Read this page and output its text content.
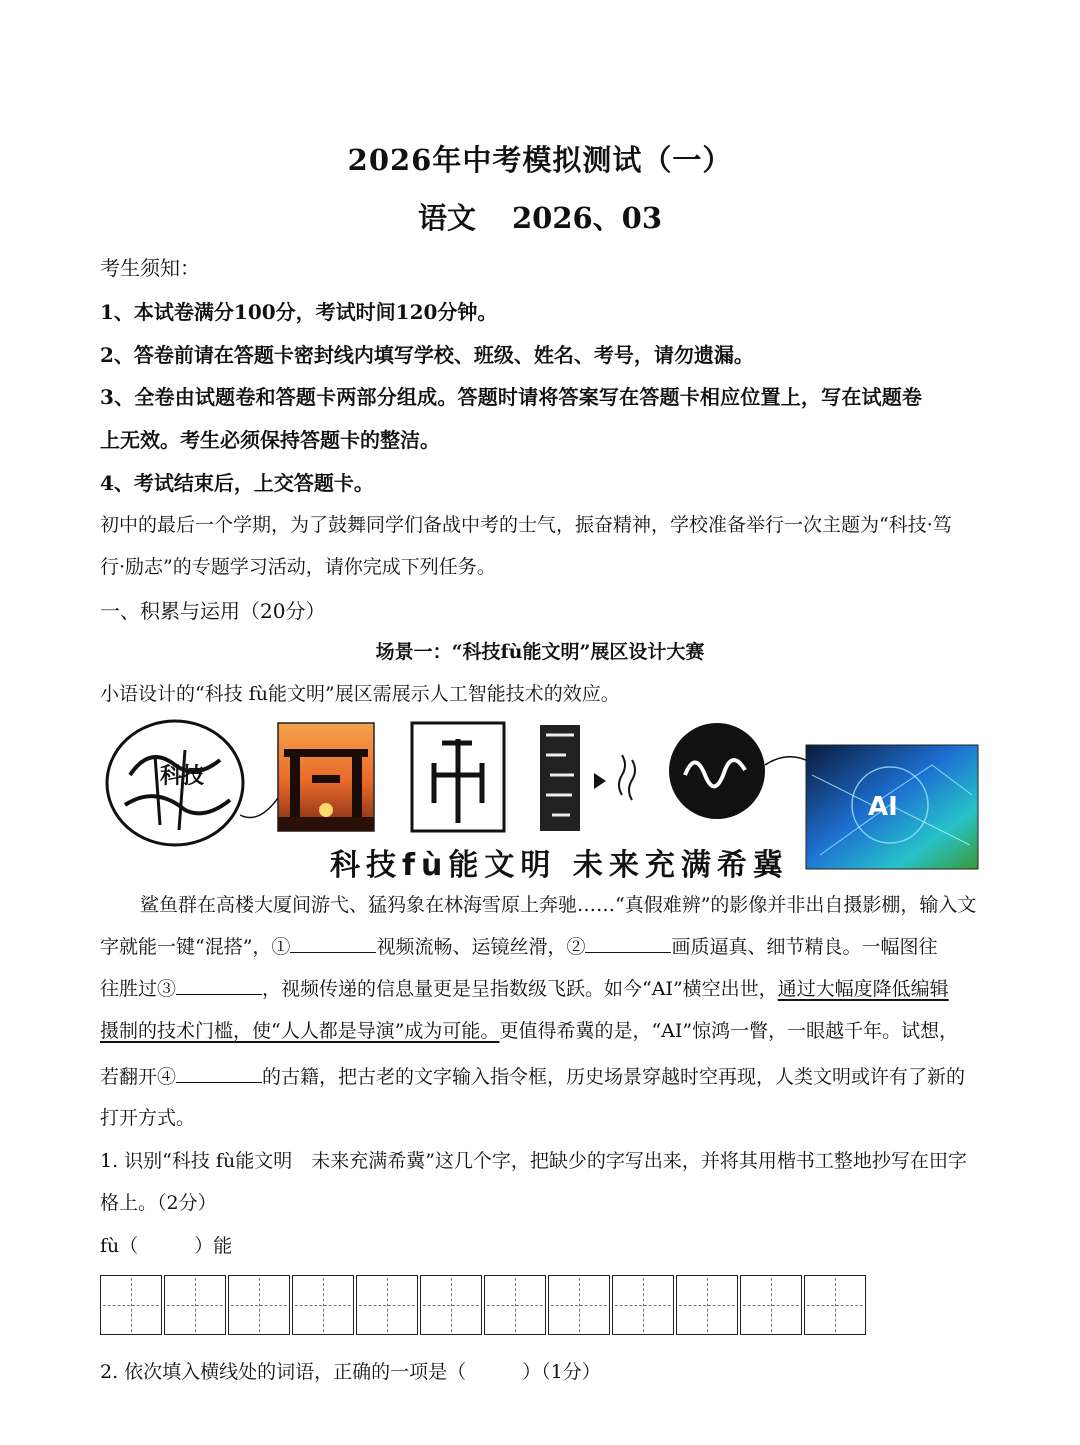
2026年中考模拟测试（一）
语文 2026、03
考生须知：
1、本试卷满分100分，考试时间120分钟。
2、答卷前请在答题卡密封线内填写学校、班级、姓名、考号，请勿遗漏。
3、全卷由试题卷和答题卡两部分组成。答题时请将答案写在答题卡相应位置上，写在试题卷
上无效。考生必须保持答题卡的整洁。
4、考试结束后，上交答题卡。
初中的最后一个学期，为了鼓舞同学们备战中考的士气，振奋精神，学校准备举行一次主题为“科技·笃
行·励志”的专题学习活动，请你完成下列任务。
一、积累与运用（20分）
场景一：“科技fù能文明”展区设计大赛
小语设计的“科技 fù能文明”展区需展示人工智能技术的效应。
科技
AI
科技fù能文明 未来充满希冀
鲨鱼群在高楼大厦间游弋、猛犸象在林海雪原上奔驰……“真假难辨”的影像并非出自摄影棚，输入文
字就能一键“混搭”，①	视频流畅、运镜丝滑，②	画质逼真、细节精良。一幅图往
往胜过③	，视频传递的信息量更是呈指数级飞跃。如今“AI”横空出世，通过大幅度降低编辑
摄制的技术门槛，使“人人都是导演”成为可能。更值得希冀的是，“AI”惊鸿一瞥，一眼越千年。试想，
若翻开④	的古籍，把古老的文字输入指令框，历史场景穿越时空再现，人类文明或许有了新的
打开方式。
1. 识别“科技 fù能文明　未来充满希冀”这几个字，把缺少的字写出来，并将其用楷书工整地抄写在田字
格上。（2分）
fù（	）能
2. 依次填入横线处的词语，正确的一项是（	）（1分）
